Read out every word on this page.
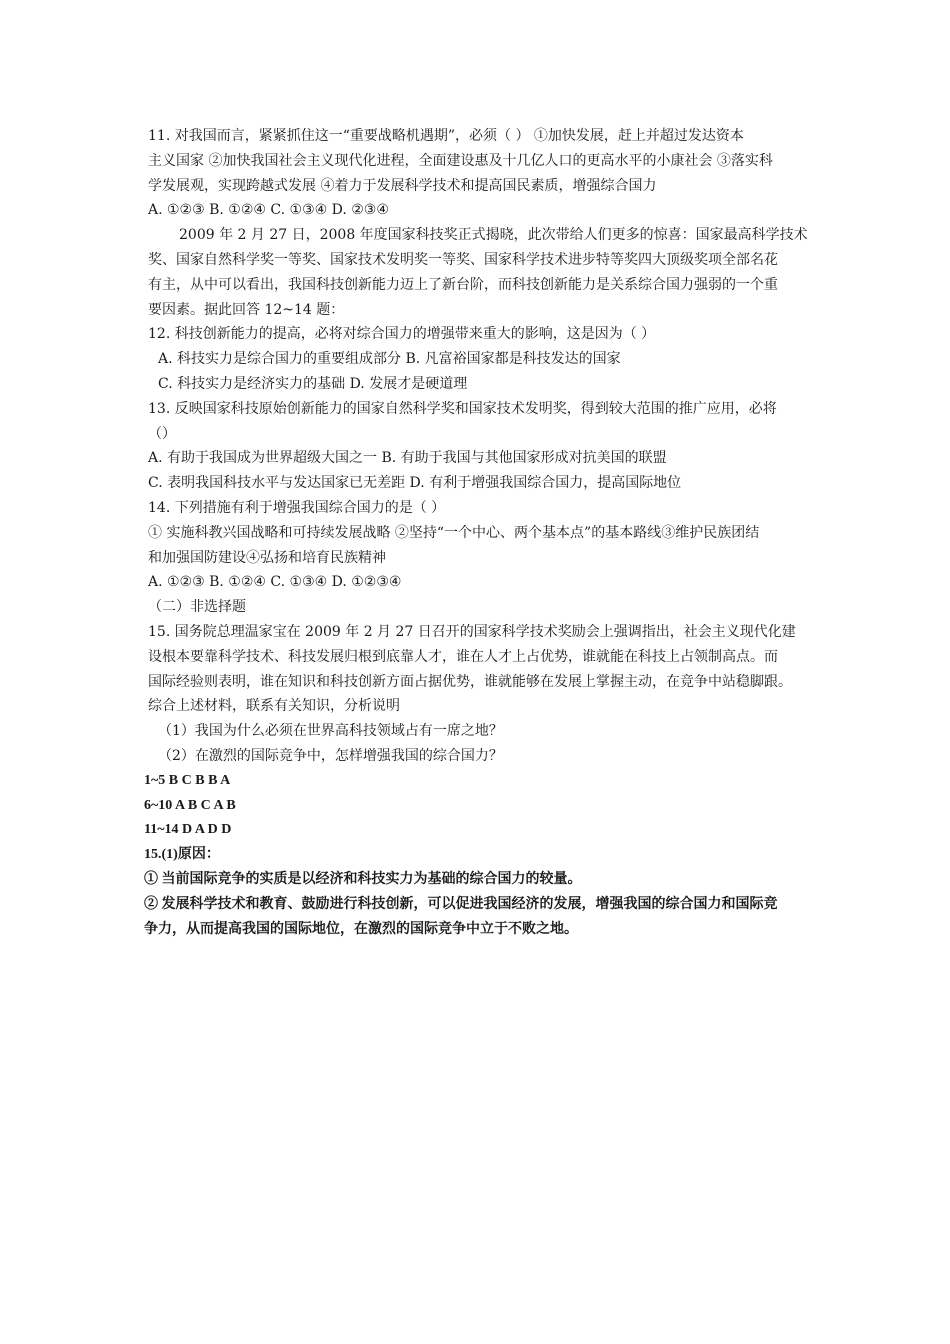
11. 对我国而言，紧紧抓住这一“重要战略机遇期”，必须（ ） ①加快发展，赶上并超过发达资本
主义国家 ②加快我国社会主义现代化进程，全面建设惠及十几亿人口的更高水平的小康社会 ③落实科
学发展观，实现跨越式发展 ④着力于发展科学技术和提高国民素质，增强综合国力
A. ①②③ B. ①②④ C. ①③④ D. ②③④
2009 年 2 月 27 日，2008 年度国家科技奖正式揭晓，此次带给人们更多的惊喜：国家最高科学技术
奖、国家自然科学奖一等奖、国家技术发明奖一等奖、国家科学技术进步特等奖四大顶级奖项全部名花
有主，从中可以看出，我国科技创新能力迈上了新台阶，而科技创新能力是关系综合国力强弱的一个重
要因素。据此回答 12~14 题：
12. 科技创新能力的提高，必将对综合国力的增强带来重大的影响，这是因为（ ）
A. 科技实力是综合国力的重要组成部分 B. 凡富裕国家都是科技发达的国家
C. 科技实力是经济实力的基础 D. 发展才是硬道理
13. 反映国家科技原始创新能力的国家自然科学奖和国家技术发明奖，得到较大范围的推广应用，必将
（）
A. 有助于我国成为世界超级大国之一 B. 有助于我国与其他国家形成对抗美国的联盟
C. 表明我国科技水平与发达国家已无差距 D. 有利于增强我国综合国力，提高国际地位
14. 下列措施有利于增强我国综合国力的是（ ）
① 实施科教兴国战略和可持续发展战略 ②坚持“一个中心、两个基本点”的基本路线③维护民族团结
和加强国防建设④弘扬和培育民族精神
A. ①②③ B. ①②④ C. ①③④ D. ①②③④
（二）非选择题
15. 国务院总理温家宝在 2009 年 2 月 27 日召开的国家科学技术奖励会上强调指出，社会主义现代化建
设根本要靠科学技术、科技发展归根到底靠人才，谁在人才上占优势，谁就能在科技上占领制高点。而
国际经验则表明，谁在知识和科技创新方面占据优势，谁就能够在发展上掌握主动，在竞争中站稳脚跟。
综合上述材料，联系有关知识，分析说明
（1）我国为什么必须在世界高科技领域占有一席之地？
（2）在激烈的国际竞争中，怎样增强我国的综合国力？
1~5 B C B B A
6~10 A B C A B
11~14 D A D D
15.(1)原因：
① 当前国际竞争的实质是以经济和科技实力为基础的综合国力的较量。
② 发展科学技术和教育、鼓励进行科技创新，可以促进我国经济的发展，增强我国的综合国力和国际竞
争力，从而提高我国的国际地位，在激烈的国际竞争中立于不败之地。
